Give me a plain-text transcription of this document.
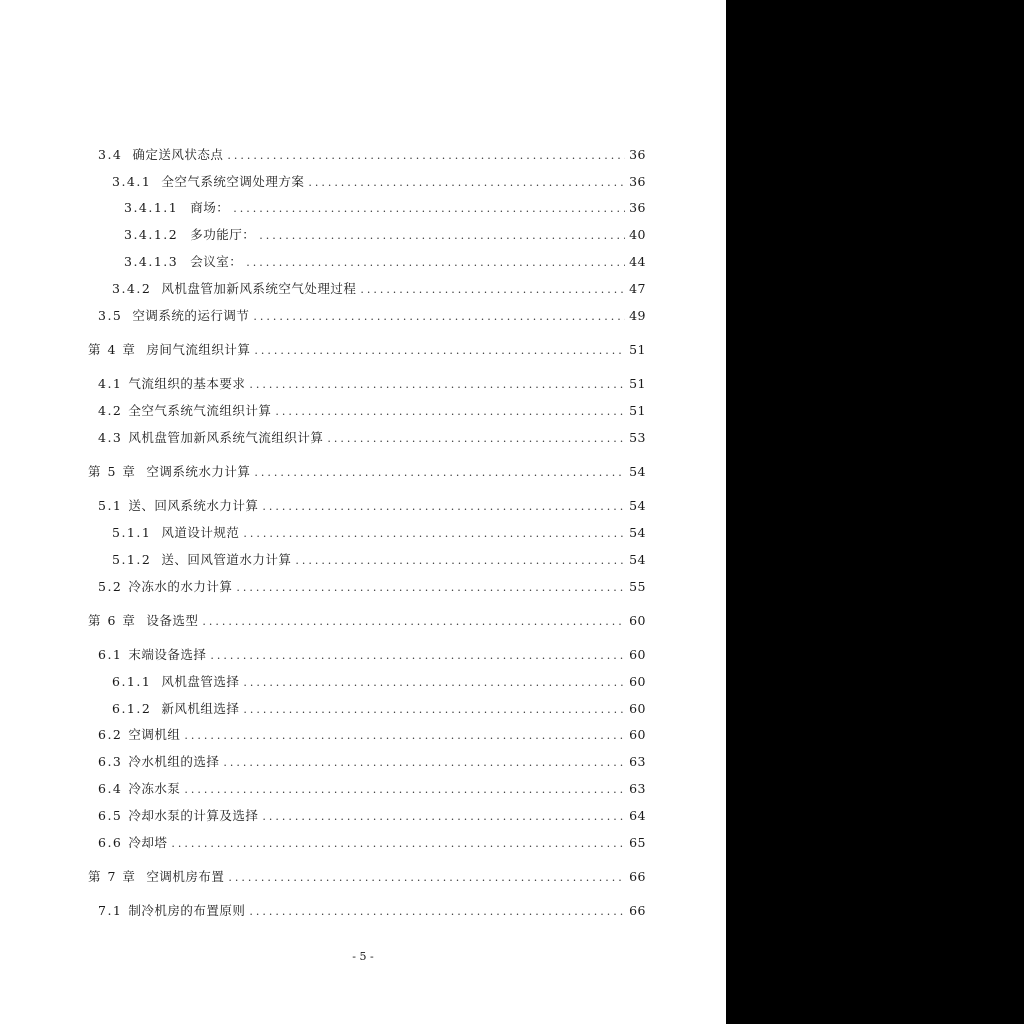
3.4 确定送风状态点 .....	36
3.4.1 全空气系统空调处理方案 .....	36
3.4.1.1 商场： .....	36
3.4.1.2 多功能厅： .....	40
3.4.1.3 会议室： .....	44
3.4.2 风机盘管加新风系统空气处理过程 .....	47
3.5 空调系统的运行调节 .....	49
第 4 章 房间气流组织计算 .....	51
4.1 气流组织的基本要求 .....	51
4.2 全空气系统气流组织计算 .....	51
4.3 风机盘管加新风系统气流组织计算 .....	53
第 5 章 空调系统水力计算 .....	54
5.1 送、回风系统水力计算 .....	54
5.1.1 风道设计规范 .....	54
5.1.2 送、回风管道水力计算 .....	54
5.2 冷冻水的水力计算 .....	55
第 6 章 设备选型 .....	60
6.1 末端设备选择 .....	60
6.1.1 风机盘管选择 .....	60
6.1.2 新风机组选择 .....	60
6.2 空调机组 .....	60
6.3 冷水机组的选择 .....	63
6.4 冷冻水泵 .....	63
6.5 冷却水泵的计算及选择 .....	64
6.6 冷却塔 .....	65
第 7 章 空调机房布置 .....	66
7.1 制冷机房的布置原则 .....	66
- 5 -
